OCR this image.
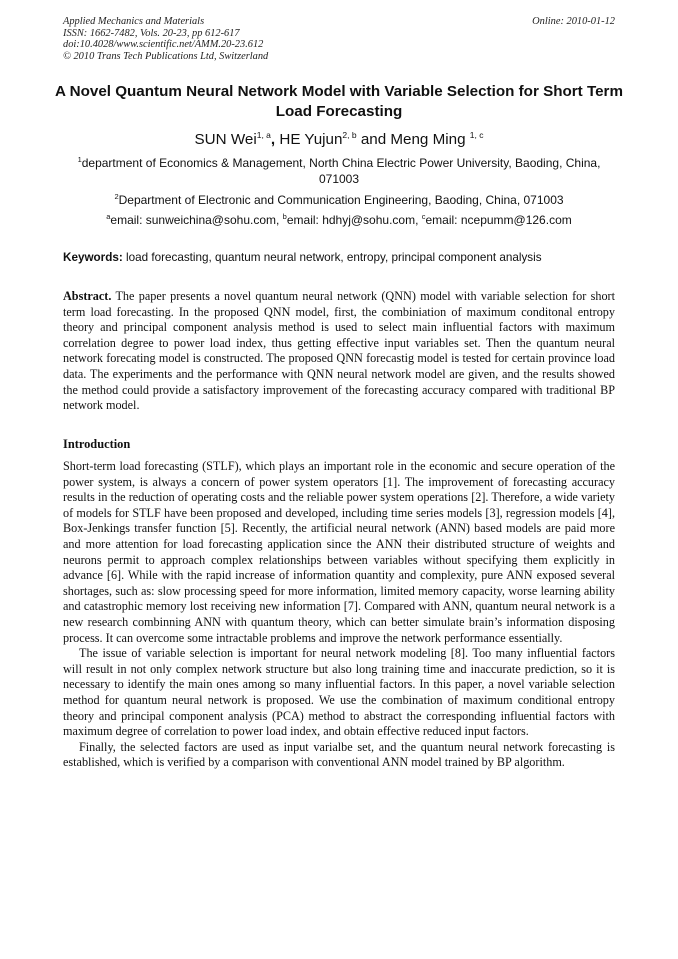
Applied Mechanics and Materials
ISSN: 1662-7482, Vols. 20-23, pp 612-617
doi:10.4028/www.scientific.net/AMM.20-23.612
© 2010 Trans Tech Publications Ltd, Switzerland
Online: 2010-01-12
A Novel Quantum Neural Network Model with Variable Selection for Short Term Load Forecasting
SUN Wei$^{1, a}$, HE Yujun$^{2, b}$ and Meng Ming $^{1, c}$
$^1$department of Economics & Management, North China Electric Power University, Baoding, China, 071003
$^2$Department of Electronic and Communication Engineering, Baoding, China, 071003
$^a$email: sunweichina@sohu.com, $^b$email: hdhyj@sohu.com, $^c$email: ncepumm@126.com
Keywords: load forecasting, quantum neural network, entropy, principal component analysis
Abstract. The paper presents a novel quantum neural network (QNN) model with variable selection for short term load forecasting. In the proposed QNN model, first, the combiniation of maximum conditonal entropy theory and principal component analysis method is used to select main influential factors with maximum correlation degree to power load index, thus getting effective input variables set. Then the quantum neural network forecating model is constructed. The proposed QNN forecastig model is tested for certain province load data. The experiments and the performance with QNN neural network model are given, and the results showed the method could provide a satisfactory improvement of the forecasting accuracy compared with traditional BP network model.
Introduction

Short-term load forecasting (STLF), which plays an important role in the economic and secure operation of the power system, is always a concern of power system operators [1]. The improvement of forecasting accuracy results in the reduction of operating costs and the reliable power system operations [2]. Therefore, a wide variety of models for STLF have been proposed and developed, including time series models [3], regression models [4], Box-Jenkings transfer function [5]. Recently, the artificial neural network (ANN) based models are paid more and more attention for load forecasting application since the ANN their distributed structure of weights and neurons permit to approach complex relationships between variables without specifying them explicitly in advance [6]. While with the rapid increase of information quantity and complexity, pure ANN exposed several shortages, such as: slow processing speed for more information, limited memory capacity, worse learning ability and catastrophic memory lost receiving new information [7]. Compared with ANN, quantum neural network is a new research combinning ANN with quantum theory, which can better simulate brain’s information disposing process. It can overcome some intractable problems and improve the network performance essentially.

The issue of variable selection is important for neural network modeling [8]. Too many influential factors will result in not only complex network structure but also long training time and inaccurate prediction, so it is necessary to identify the main ones among so many influential factors. In this paper, a novel variable selection method for quantum neural network is proposed. We use the combination of maximum conditional entropy theory and principal component analysis (PCA) method to abstract the corresponding influential factors with maximum degree of correlation to power load index, and obtain effective reduced input factors.

Finally, the selected factors are used as input varialbe set, and the quantum neural network forecasting is established, which is verified by a comparison with conventional ANN model trained by BP algorithm.
